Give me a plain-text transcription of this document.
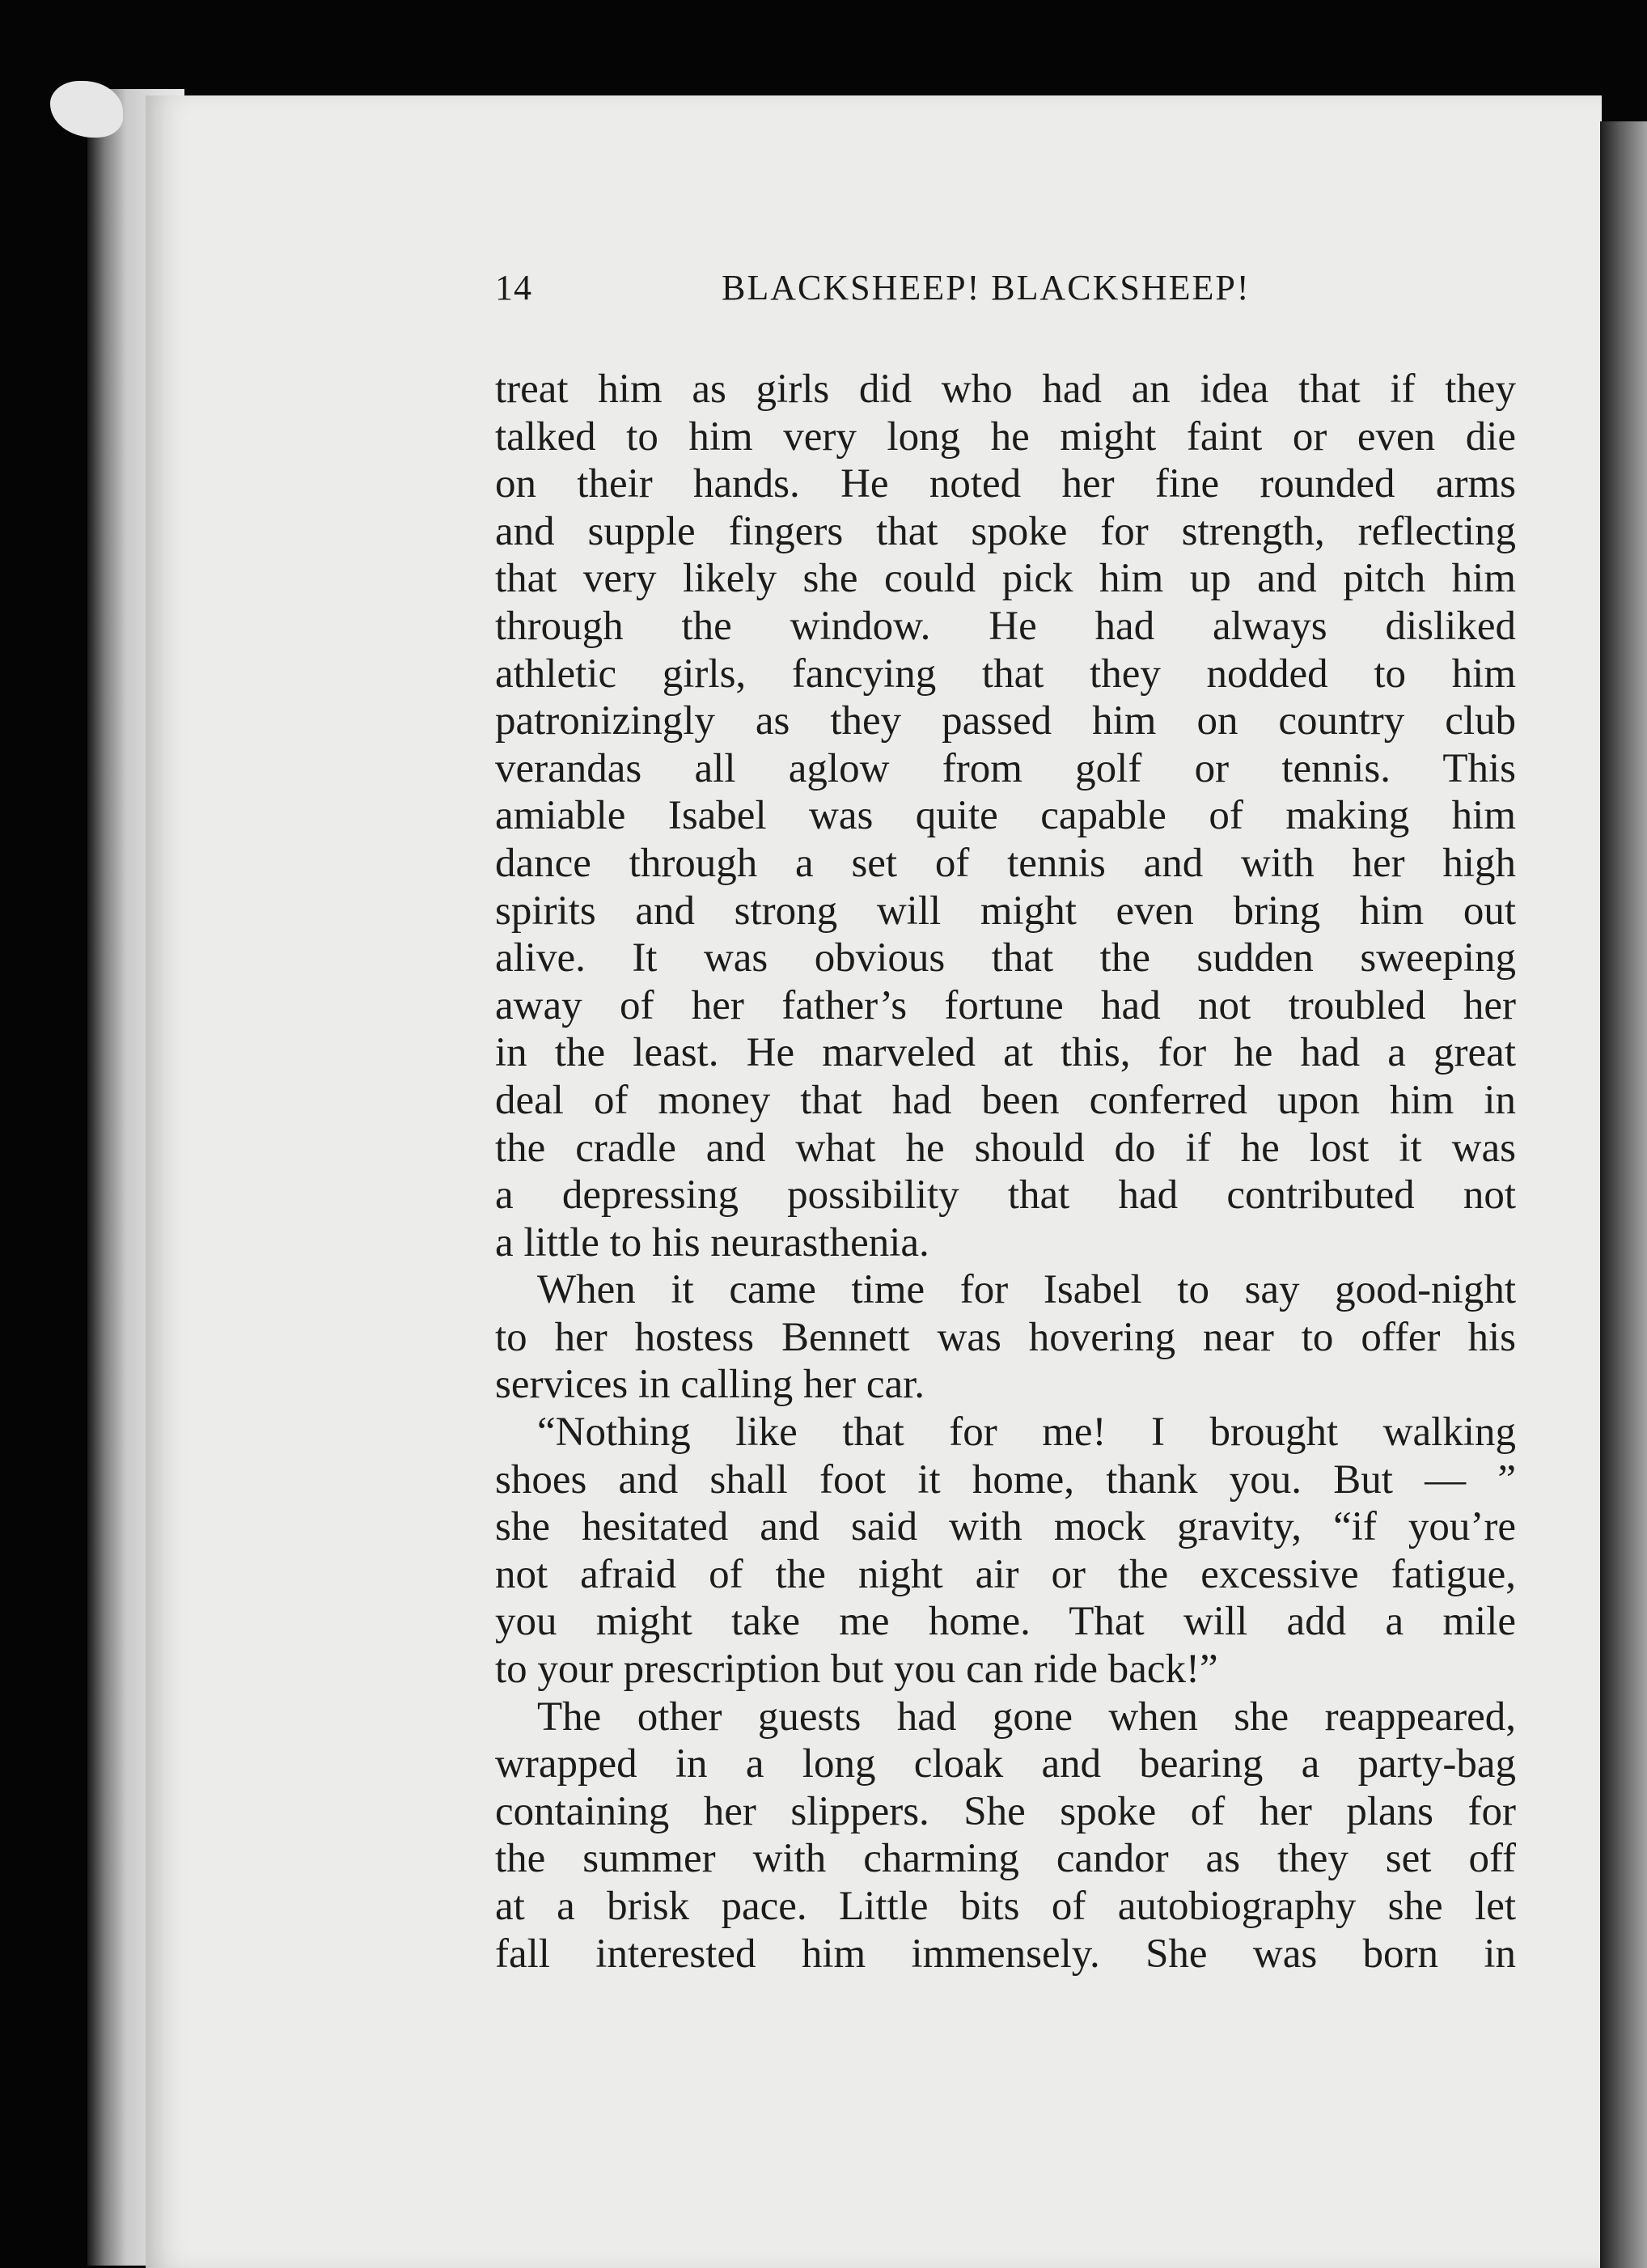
14	BLACKSHEEP! BLACKSHEEP!
treat him as girls did who had an idea that if they
talked to him very long he might faint or even die
on their hands. He noted her fine rounded arms
and supple fingers that spoke for strength, reflecting
that very likely she could pick him up and pitch him
through the window. He had always disliked
athletic girls, fancying that they nodded to him
patronizingly as they passed him on country club
verandas all aglow from golf or tennis. This
amiable Isabel was quite capable of making him
dance through a set of tennis and with her high
spirits and strong will might even bring him out
alive. It was obvious that the sudden sweeping
away of her father’s fortune had not troubled her
in the least. He marveled at this, for he had a great
deal of money that had been conferred upon him in
the cradle and what he should do if he lost it was
a depressing possibility that had contributed not
a little to his neurasthenia.
When it came time for Isabel to say good-night
to her hostess Bennett was hovering near to offer his
services in calling her car.
“Nothing like that for me! I brought walking
shoes and shall foot it home, thank you. But — ”
she hesitated and said with mock gravity, “if you’re
not afraid of the night air or the excessive fatigue,
you might take me home. That will add a mile
to your prescription but you can ride back!”
The other guests had gone when she reappeared,
wrapped in a long cloak and bearing a party-bag
containing her slippers. She spoke of her plans for
the summer with charming candor as they set off
at a brisk pace. Little bits of autobiography she let
fall interested him immensely. She was born in
